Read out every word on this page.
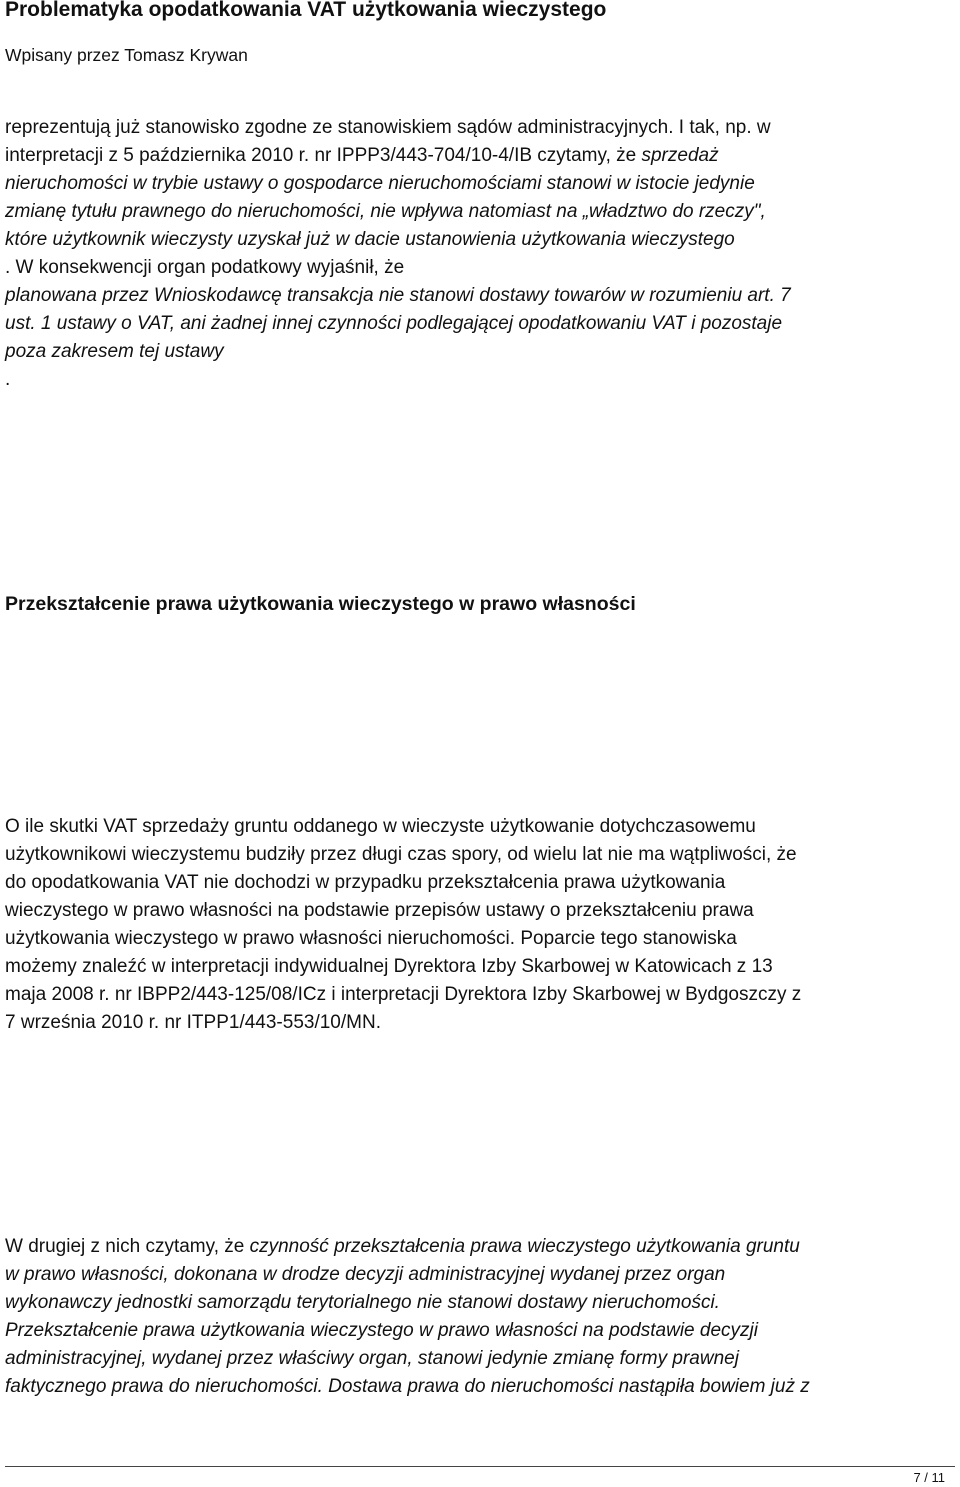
Problematyka opodatkowania VAT użytkowania wieczystego
Wpisany przez Tomasz Krywan
reprezentują już stanowisko zgodne ze stanowiskiem sądów administracyjnych. I tak, np. w
interpretacji z 5 października 2010 r. nr IPPP3/443-704/10-4/IB czytamy, że sprzedaż
nieruchomości w trybie ustawy o gospodarce nieruchomościami stanowi w istocie jedynie
zmianę tytułu prawnego do nieruchomości, nie wpływa natomiast na „władztwo do rzeczy",
które użytkownik wieczysty uzyskał już w dacie ustanowienia użytkowania wieczystego
. W konsekwencji organ podatkowy wyjaśnił, że
planowana przez Wnioskodawcę transakcja nie stanowi dostawy towarów w rozumieniu art. 7
ust. 1 ustawy o VAT, ani żadnej innej czynności podlegającej opodatkowaniu VAT i pozostaje
poza zakresem tej ustawy
.
Przekształcenie prawa użytkowania wieczystego w prawo własności
O ile skutki VAT sprzedaży gruntu oddanego w wieczyste użytkowanie dotychczasowemu
użytkownikowi wieczystemu budziły przez długi czas spory, od wielu lat nie ma wątpliwości, że
do opodatkowania VAT nie dochodzi w przypadku przekształcenia prawa użytkowania
wieczystego w prawo własności na podstawie przepisów ustawy o przekształceniu prawa
użytkowania wieczystego w prawo własności nieruchomości. Poparcie tego stanowiska
możemy znaleźć w interpretacji indywidualnej Dyrektora Izby Skarbowej w Katowicach z 13
maja 2008 r. nr IBPP2/443-125/08/ICz i interpretacji Dyrektora Izby Skarbowej w Bydgoszczy z
7 września 2010 r. nr ITPP1/443-553/10/MN.
W drugiej z nich czytamy, że czynność przekształcenia prawa wieczystego użytkowania gruntu
w prawo własności, dokonana w drodze decyzji administracyjnej wydanej przez organ
wykonawczy jednostki samorządu terytorialnego nie stanowi dostawy nieruchomości.
Przekształcenie prawa użytkowania wieczystego w prawo własności na podstawie decyzji
administracyjnej, wydanej przez właściwy organ, stanowi jedynie zmianę formy prawnej
faktycznego prawa do nieruchomości. Dostawa prawa do nieruchomości nastąpiła bowiem już z
7 / 11
